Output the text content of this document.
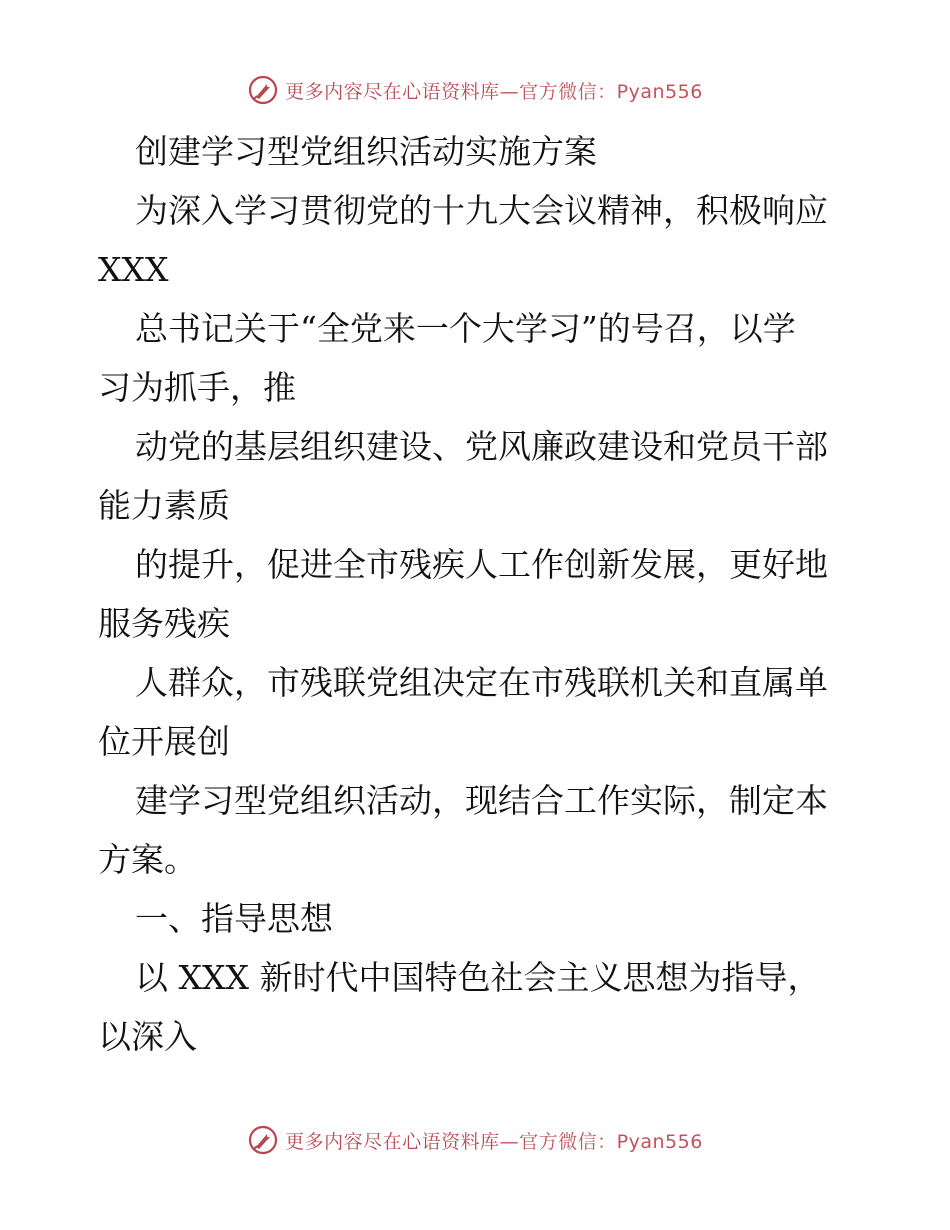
更多内容尽在心语资料库 —官方微信：Pyan556
创建学习型党组织活动实施方案
为深入学习贯彻党的十九大会议精神，积极响应
XXX
总书记关于“全党来一个大学习”的号召，以学
习为抓手，推
动党的基层组织建设、党风廉政建设和党员干部
能力素质
的提升，促进全市残疾人工作创新发展，更好地
服务残疾
人群众，市残联党组决定在市残联机关和直属单
位开展创
建学习型党组织活动，现结合工作实际，制定本
方案。
一、指导思想
以 XXX 新时代中国特色社会主义思想为指导，
以深入
更多内容尽在心语资料库 —官方微信：Pyan556
